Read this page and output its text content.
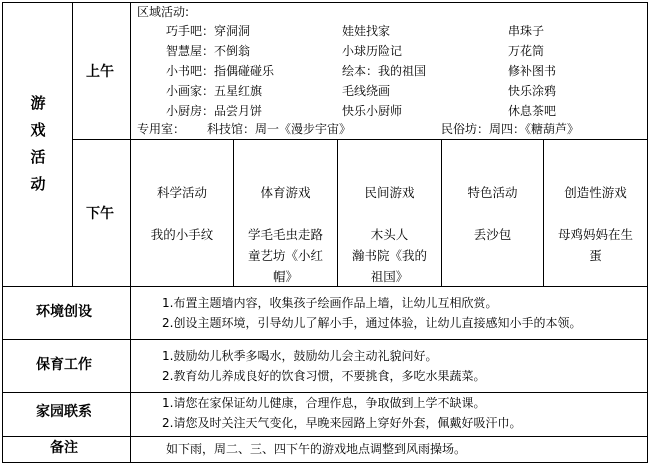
游
戏
活
动
上午
下午
环境创设
保育工作
家园联系
备注
区域活动:
巧手吧：穿洞洞
智慧屋：不倒翁
小书吧：指偶碰碰乐
小画家：五星红旗
小厨房：品尝月饼
娃娃找家
小球历险记
绘本：我的祖国
毛线绕画
快乐小厨师
串珠子
万花筒
修补图书
快乐涂鸦
休息茶吧
专用室： 科技馆：周一《漫步宇宙》	民俗坊：周四：《糖葫芦》
科学活动
我的小手纹
体育游戏
学毛毛虫走路
童艺坊《小红
帽》
民间游戏
木头人
瀚书院《我的
祖国》
特色活动
丢沙包
创造性游戏
母鸡妈妈在生
蛋
1.布置主题墙内容，收集孩子绘画作品上墙，让幼儿互相欣赏。
2.创设主题环境，引导幼儿了解小手，通过体验，让幼儿直接感知小手的本领。
1.鼓励幼儿秋季多喝水，鼓励幼儿会主动礼貌问好。
2.教育幼儿养成良好的饮食习惯，不要挑食，多吃水果蔬菜。
1.请您在家保证幼儿健康，合理作息，争取做到上学不缺课。
2.请您及时关注天气变化，早晚来园路上穿好外套，佩戴好吸汗巾。
如下雨，周二、三、四下午的游戏地点调整到风雨操场。
